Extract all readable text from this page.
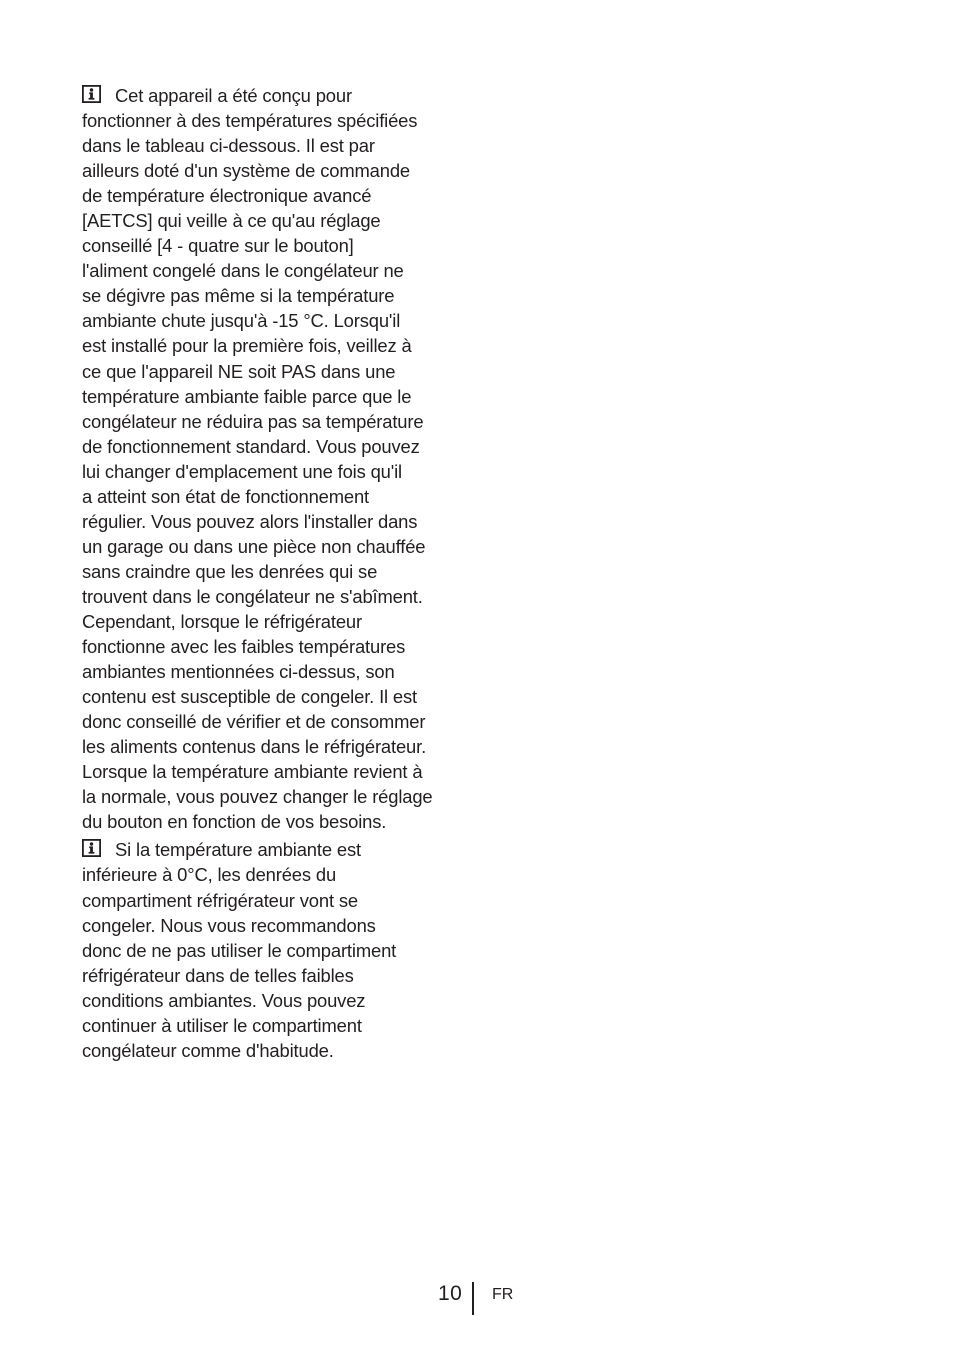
Cet appareil a été conçu pour
fonctionner à des températures spécifiées
dans le tableau ci-dessous. Il est par
ailleurs doté d'un système de commande
de température électronique avancé
[AETCS] qui veille à ce qu'au réglage
conseillé [4 - quatre sur le bouton]
l'aliment congelé dans le congélateur ne
se dégivre pas même si la température
ambiante chute jusqu'à -15 °C. Lorsqu'il
est installé pour la première fois, veillez à
ce que l'appareil NE soit PAS dans une
température ambiante faible parce que le
congélateur ne réduira pas sa température
de fonctionnement standard. Vous pouvez
lui changer d'emplacement une fois qu'il
a atteint son état de fonctionnement
régulier. Vous pouvez alors l'installer dans
un garage ou dans une pièce non chauffée
sans craindre que les denrées qui se
trouvent dans le congélateur ne s'abîment.
Cependant, lorsque le réfrigérateur
fonctionne avec les faibles températures
ambiantes mentionnées ci-dessus, son
contenu est susceptible de congeler. Il est
donc conseillé de vérifier et de consommer
les aliments contenus dans le réfrigérateur.
Lorsque la température ambiante revient à
la normale, vous pouvez changer le réglage
du bouton en fonction de vos besoins.
Si la température ambiante est
inférieure à 0°C, les denrées du
compartiment réfrigérateur vont se
congeler. Nous vous recommandons
donc de ne pas utiliser le compartiment
réfrigérateur dans de telles faibles
conditions ambiantes. Vous pouvez
continuer à utiliser le compartiment
congélateur comme d'habitude.
10 FR
